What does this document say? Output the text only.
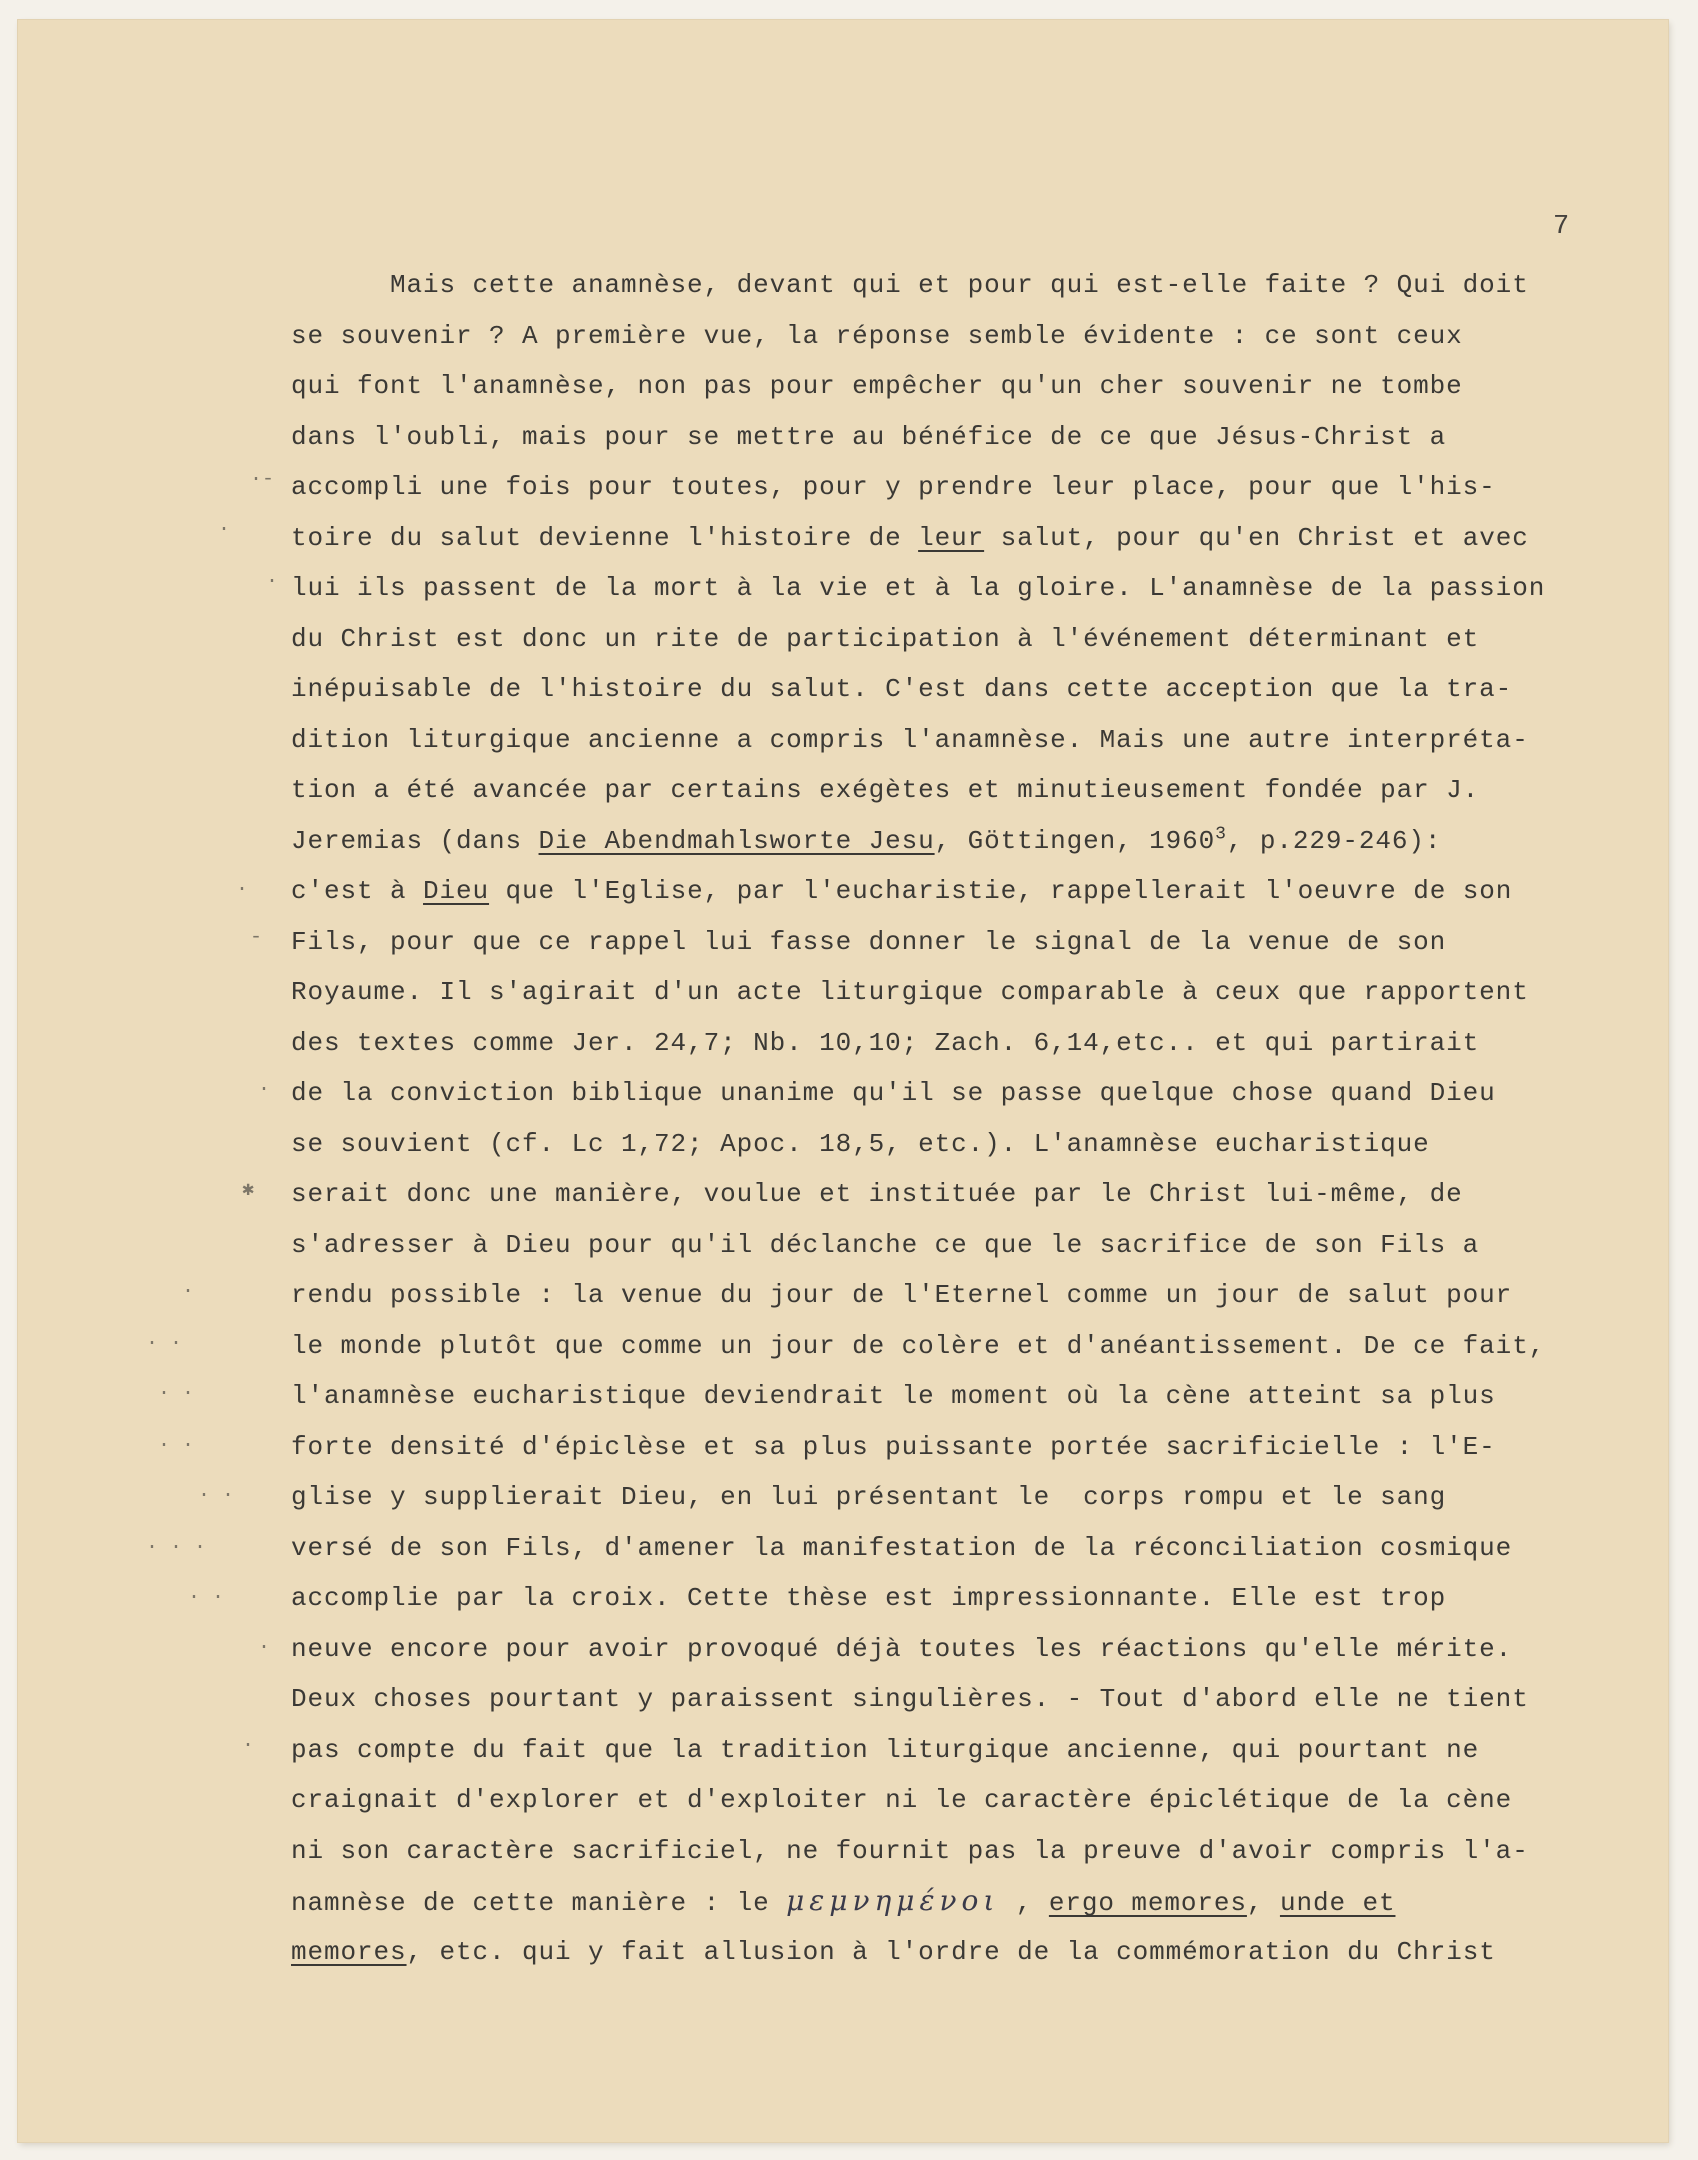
7
·-
·
·
·
-
·
✱
·
· ·
· ·
· ·
· ·
· · ·
· ·
·
·
Mais cette anamnèse, devant qui et pour qui est-elle faite ? Qui doit
se souvenir ? A première vue, la réponse semble évidente : ce sont ceux
qui font l'anamnèse, non pas pour empêcher qu'un cher souvenir ne tombe
dans l'oubli, mais pour se mettre au bénéfice de ce que Jésus-Christ a
accompli une fois pour toutes, pour y prendre leur place, pour que l'his-
toire du salut devienne l'histoire de leur salut, pour qu'en Christ et avec
lui ils passent de la mort à la vie et à la gloire. L'anamnèse de la passion
du Christ est donc un rite de participation à l'événement déterminant et
inépuisable de l'histoire du salut. C'est dans cette acception que la tra-
dition liturgique ancienne a compris l'anamnèse. Mais une autre interpréta-
tion a été avancée par certains exégètes et minutieusement fondée par J.
Jeremias (dans Die Abendmahlsworte Jesu, Göttingen, 1960$^3$, p.229-246):
c'est à Dieu que l'Eglise, par l'eucharistie, rappellerait l'oeuvre de son
Fils, pour que ce rappel lui fasse donner le signal de la venue de son
Royaume. Il s'agirait d'un acte liturgique comparable à ceux que rapportent
des textes comme Jer. 24,7; Nb. 10,10; Zach. 6,14,etc.. et qui partirait
de la conviction biblique unanime qu'il se passe quelque chose quand Dieu
se souvient (cf. Lc 1,72; Apoc. 18,5, etc.). L'anamnèse eucharistique
serait donc une manière, voulue et instituée par le Christ lui-même, de
s'adresser à Dieu pour qu'il déclanche ce que le sacrifice de son Fils a
rendu possible : la venue du jour de l'Eternel comme un jour de salut pour
le monde plutôt que comme un jour de colère et d'anéantissement. De ce fait,
l'anamnèse eucharistique deviendrait le moment où la cène atteint sa plus
forte densité d'épiclèse et sa plus puissante portée sacrificielle : l'E-
glise y supplierait Dieu, en lui présentant le  corps rompu et le sang
versé de son Fils, d'amener la manifestation de la réconciliation cosmique
accomplie par la croix. Cette thèse est impressionnante. Elle est trop
neuve encore pour avoir provoqué déjà toutes les réactions qu'elle mérite.
Deux choses pourtant y paraissent singulières. - Tout d'abord elle ne tient
pas compte du fait que la tradition liturgique ancienne, qui pourtant ne
craignait d'explorer et d'exploiter ni le caractère épiclétique de la cène
ni son caractère sacrificiel, ne fournit pas la preuve d'avoir compris l'a-
namnèse de cette manière : le μεμνημένοι , ergo memores, unde et
memores, etc. qui y fait allusion à l'ordre de la commémoration du Christ
